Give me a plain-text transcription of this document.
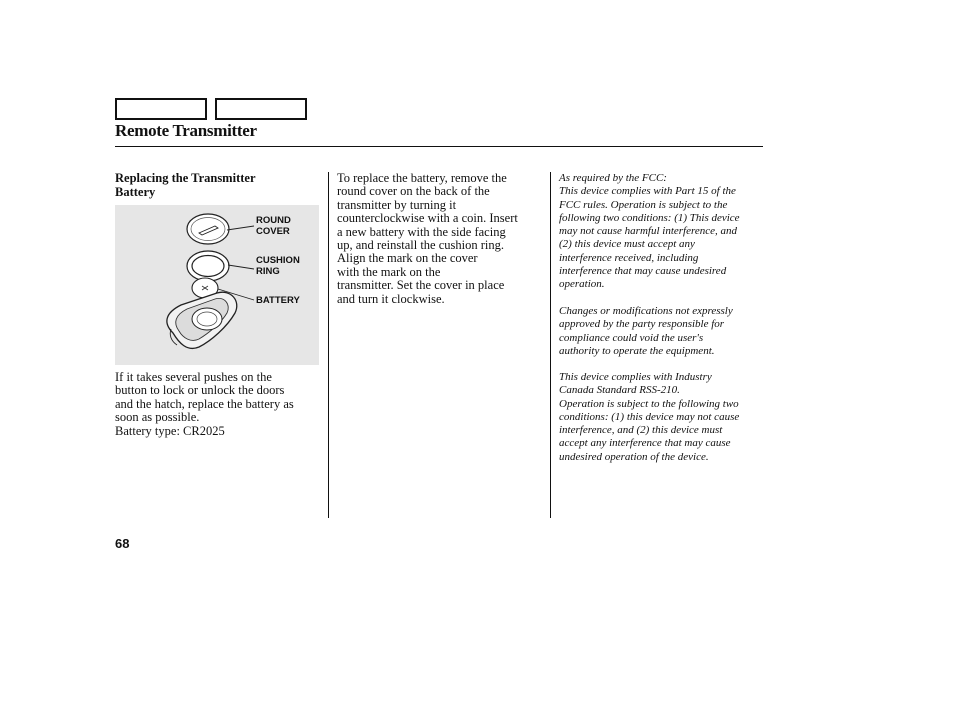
Remote Transmitter
Replacing the Transmitter
Battery
ROUND
COVER
CUSHION
RING
BATTERY
If it takes several pushes on the
button to lock or unlock the doors
and the hatch, replace the battery as
soon as possible.
Battery type: CR2025
To replace the battery, remove the
round cover on the back of the
transmitter by turning it
counterclockwise with a coin. Insert
a new battery with the side facing
up, and reinstall the cushion ring.
Align the mark on the cover
with the mark on the
transmitter. Set the cover in place
and turn it clockwise.
As required by the FCC:
This device complies with Part 15 of the
FCC rules. Operation is subject to the
following two conditions: (1) This device
may not cause harmful interference, and
(2) this device must accept any
interference received, including
interference that may cause undesired
operation.
Changes or modifications not expressly
approved by the party responsible for
compliance could void the user's
authority to operate the equipment.
This device complies with Industry
Canada Standard RSS-210.
Operation is subject to the following two
conditions: (1) this device may not cause
interference, and (2) this device must
accept any interference that may cause
undesired operation of the device.
68
